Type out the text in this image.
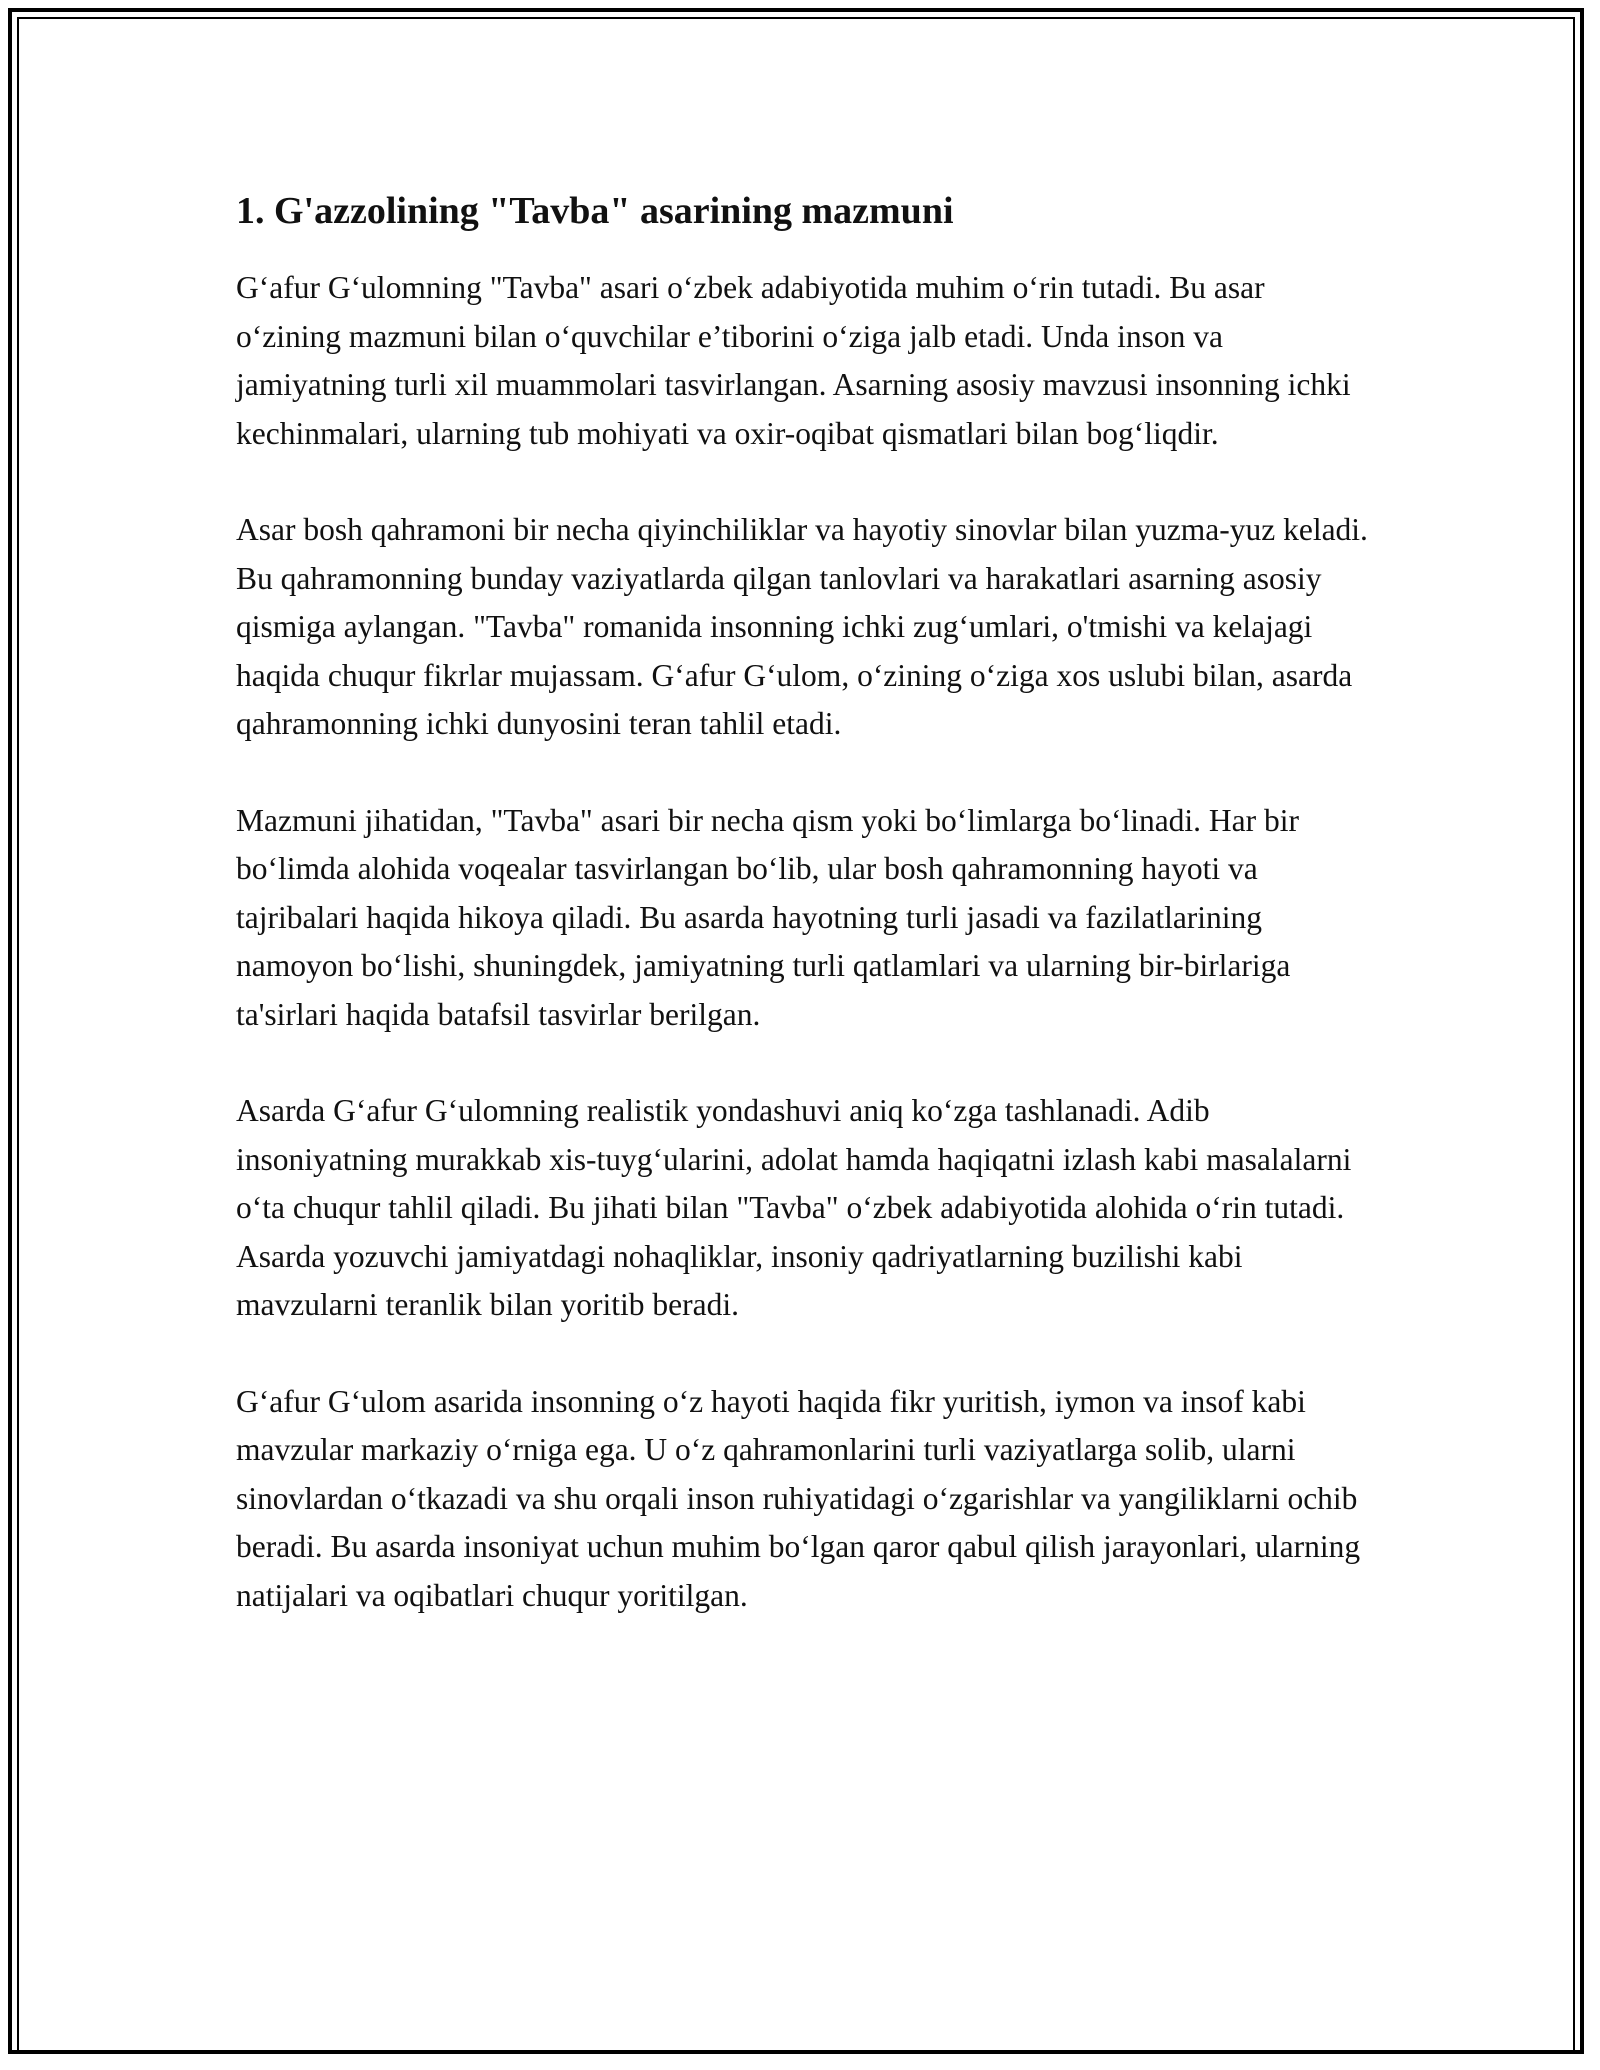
1. G'azzolining "Tavba" asarining mazmuni

G‘afur G‘ulomning "Tavba" asari o‘zbek adabiyotida muhim o‘rin tutadi. Bu asar o‘zining mazmuni bilan o‘quvchilar e’tiborini o‘ziga jalb etadi. Unda inson va jamiyatning turli xil muammolari tasvirlangan. Asarning asosiy mavzusi insonning ichki kechinmalari, ularning tub mohiyati va oxir-oqibat qismatlari bilan bog‘liqdir.

Asar bosh qahramoni bir necha qiyinchiliklar va hayotiy sinovlar bilan yuzma-yuz keladi. Bu qahramonning bunday vaziyatlarda qilgan tanlovlari va harakatlari asarning asosiy qismiga aylangan. "Tavba" romanida insonning ichki zug‘umlari, o'tmishi va kelajagi haqida chuqur fikrlar mujassam. G‘afur G‘ulom, o‘zining o‘ziga xos uslubi bilan, asarda qahramonning ichki dunyosini teran tahlil etadi.

Mazmuni jihatidan, "Tavba" asari bir necha qism yoki bo‘limlarga bo‘linadi. Har bir bo‘limda alohida voqealar tasvirlangan bo‘lib, ular bosh qahramonning hayoti va tajribalari haqida hikoya qiladi. Bu asarda hayotning turli jasadi va fazilatlarining namoyon bo‘lishi, shuningdek, jamiyatning turli qatlamlari va ularning bir-birlariga ta'sirlari haqida batafsil tasvirlar berilgan.

Asarda G‘afur G‘ulomning realistik yondashuvi aniq ko‘zga tashlanadi. Adib insoniyatning murakkab xis-tuyg‘ularini, adolat hamda haqiqatni izlash kabi masalalarni o‘ta chuqur tahlil qiladi. Bu jihati bilan "Tavba" o‘zbek adabiyotida alohida o‘rin tutadi. Asarda yozuvchi jamiyatdagi nohaqliklar, insoniy qadriyatlarning buzilishi kabi mavzularni teranlik bilan yoritib beradi.

G‘afur G‘ulom asarida insonning o‘z hayoti haqida fikr yuritish, iymon va insof kabi mavzular markaziy o‘rniga ega. U o‘z qahramonlarini turli vaziyatlarga solib, ularni sinovlardan o‘tkazadi va shu orqali inson ruhiyatidagi o‘zgarishlar va yangiliklarni ochib beradi. Bu asarda insoniyat uchun muhim bo‘lgan qaror qabul qilish jarayonlari, ularning natijalari va oqibatlari chuqur yoritilgan.
